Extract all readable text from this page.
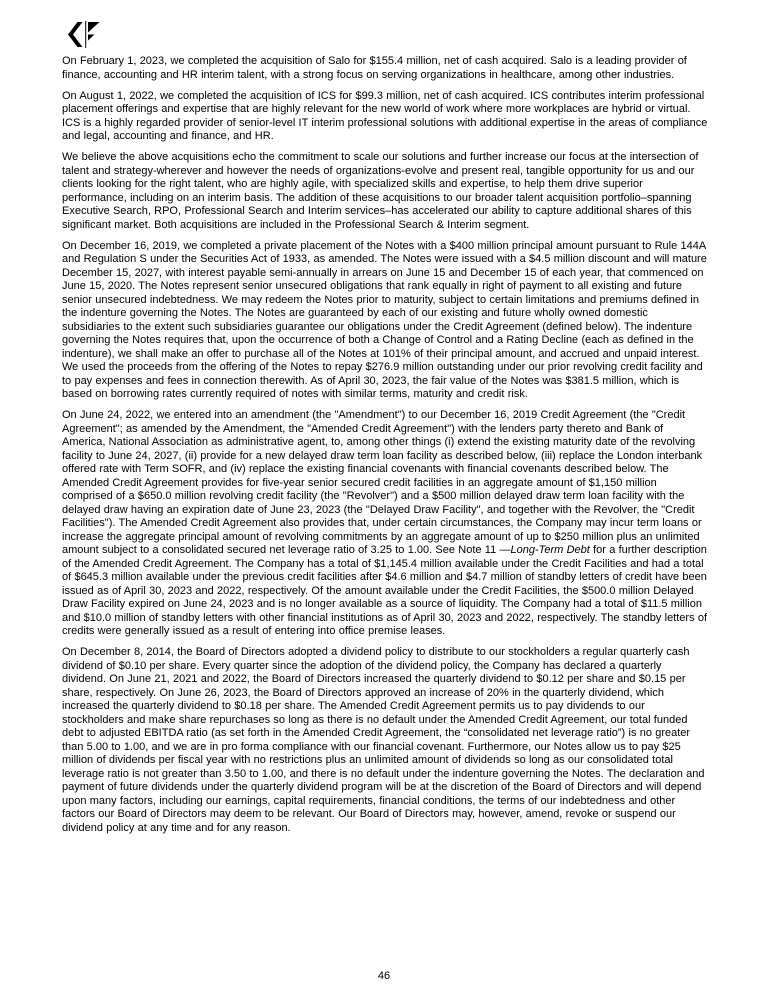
On February 1, 2023, we completed the acquisition of Salo for $155.4 million, net of cash acquired. Salo is a leading provider of finance, accounting and HR interim talent, with a strong focus on serving organizations in healthcare, among other industries.

On August 1, 2022, we completed the acquisition of ICS for $99.3 million, net of cash acquired. ICS contributes interim professional placement offerings and expertise that are highly relevant for the new world of work where more workplaces are hybrid or virtual. ICS is a highly regarded provider of senior-level IT interim professional solutions with additional expertise in the areas of compliance and legal, accounting and finance, and HR.

We believe the above acquisitions echo the commitment to scale our solutions and further increase our focus at the intersection of talent and strategy-wherever and however the needs of organizations-evolve and present real, tangible opportunity for us and our clients looking for the right talent, who are highly agile, with specialized skills and expertise, to help them drive superior performance, including on an interim basis. The addition of these acquisitions to our broader talent acquisition portfolio–spanning Executive Search, RPO, Professional Search and Interim services–has accelerated our ability to capture additional shares of this significant market. Both acquisitions are included in the Professional Search & Interim segment.

On December 16, 2019, we completed a private placement of the Notes with a $400 million principal amount pursuant to Rule 144A and Regulation S under the Securities Act of 1933, as amended. The Notes were issued with a $4.5 million discount and will mature December 15, 2027, with interest payable semi-annually in arrears on June 15 and December 15 of each year, that commenced on June 15, 2020. The Notes represent senior unsecured obligations that rank equally in right of payment to all existing and future senior unsecured indebtedness. We may redeem the Notes prior to maturity, subject to certain limitations and premiums defined in the indenture governing the Notes. The Notes are guaranteed by each of our existing and future wholly owned domestic subsidiaries to the extent such subsidiaries guarantee our obligations under the Credit Agreement (defined below). The indenture governing the Notes requires that, upon the occurrence of both a Change of Control and a Rating Decline (each as defined in the indenture), we shall make an offer to purchase all of the Notes at 101% of their principal amount, and accrued and unpaid interest. We used the proceeds from the offering of the Notes to repay $276.9 million outstanding under our prior revolving credit facility and to pay expenses and fees in connection therewith. As of April 30, 2023, the fair value of the Notes was $381.5 million, which is based on borrowing rates currently required of notes with similar terms, maturity and credit risk.

On June 24, 2022, we entered into an amendment (the "Amendment") to our December 16, 2019 Credit Agreement (the "Credit Agreement"; as amended by the Amendment, the "Amended Credit Agreement") with the lenders party thereto and Bank of America, National Association as administrative agent, to, among other things (i) extend the existing maturity date of the revolving facility to June 24, 2027, (ii) provide for a new delayed draw term loan facility as described below, (iii) replace the London interbank offered rate with Term SOFR, and (iv) replace the existing financial covenants with financial covenants described below. The Amended Credit Agreement provides for five-year senior secured credit facilities in an aggregate amount of $1,150 million comprised of a $650.0 million revolving credit facility (the "Revolver") and a $500 million delayed draw term loan facility with the delayed draw having an expiration date of June 23, 2023 (the "Delayed Draw Facility", and together with the Revolver, the "Credit Facilities"). The Amended Credit Agreement also provides that, under certain circumstances, the Company may incur term loans or increase the aggregate principal amount of revolving commitments by an aggregate amount of up to $250 million plus an unlimited amount subject to a consolidated secured net leverage ratio of 3.25 to 1.00. See Note 11 —Long-Term Debt for a further description of the Amended Credit Agreement. The Company has a total of $1,145.4 million available under the Credit Facilities and had a total of $645.3 million available under the previous credit facilities after $4.6 million and $4.7 million of standby letters of credit have been issued as of April 30, 2023 and 2022, respectively. Of the amount available under the Credit Facilities, the $500.0 million Delayed Draw Facility expired on June 24, 2023 and is no longer available as a source of liquidity. The Company had a total of $11.5 million and $10.0 million of standby letters with other financial institutions as of April 30, 2023 and 2022, respectively. The standby letters of credits were generally issued as a result of entering into office premise leases.

On December 8, 2014, the Board of Directors adopted a dividend policy to distribute to our stockholders a regular quarterly cash dividend of $0.10 per share. Every quarter since the adoption of the dividend policy, the Company has declared a quarterly dividend. On June 21, 2021 and 2022, the Board of Directors increased the quarterly dividend to $0.12 per share and $0.15 per share, respectively. On June 26, 2023, the Board of Directors approved an increase of 20% in the quarterly dividend, which increased the quarterly dividend to $0.18 per share. The Amended Credit Agreement permits us to pay dividends to our stockholders and make share repurchases so long as there is no default under the Amended Credit Agreement, our total funded debt to adjusted EBITDA ratio (as set forth in the Amended Credit Agreement, the “consolidated net leverage ratio”) is no greater than 5.00 to 1.00, and we are in pro forma compliance with our financial covenant. Furthermore, our Notes allow us to pay $25 million of dividends per fiscal year with no restrictions plus an unlimited amount of dividends so long as our consolidated total leverage ratio is not greater than 3.50 to 1.00, and there is no default under the indenture governing the Notes. The declaration and payment of future dividends under the quarterly dividend program will be at the discretion of the Board of Directors and will depend upon many factors, including our earnings, capital requirements, financial conditions, the terms of our indebtedness and other factors our Board of Directors may deem to be relevant. Our Board of Directors may, however, amend, revoke or suspend our dividend policy at any time and for any reason.

46
